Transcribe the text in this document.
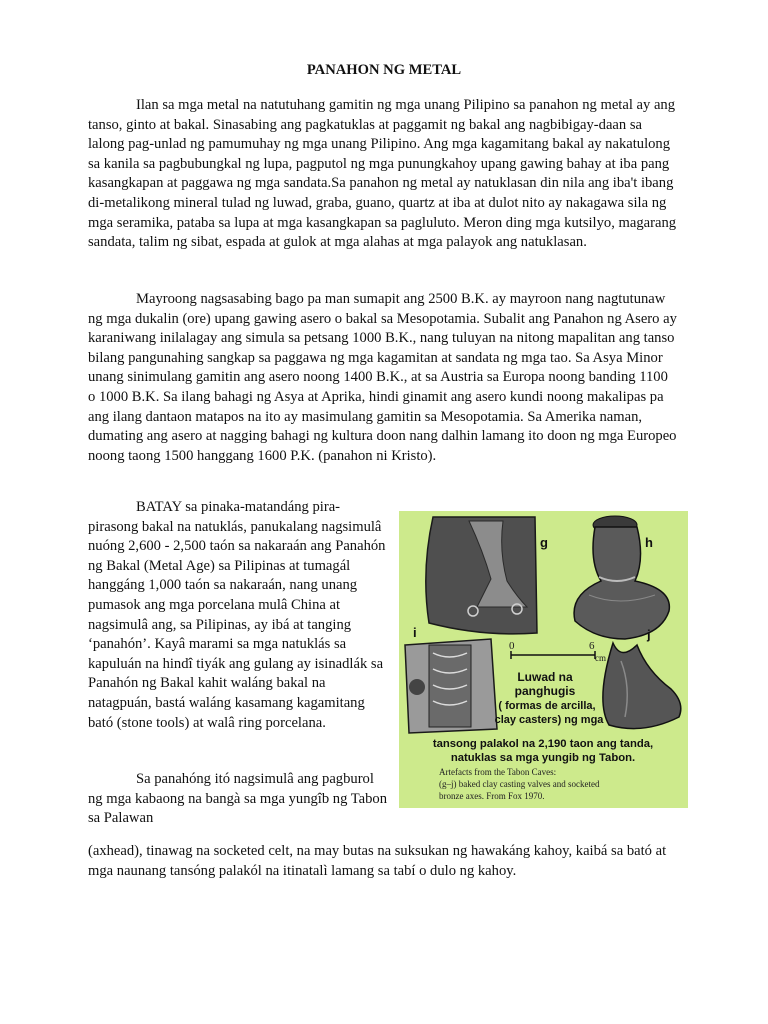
PANAHON NG METAL

Ilan sa mga metal na natutuhang gamitin ng mga unang Pilipino sa panahon ng metal ay ang tanso, ginto at bakal. Sinasabing ang pagkatuklas at paggamit ng bakal ang nagbibigay-daan sa lalong pag-unlad ng pamumuhay ng mga unang Pilipino. Ang mga kagamitang bakal ay nakatulong sa kanila sa pagbubungkal ng lupa, pagputol ng mga punungkahoy upang gawing bahay at iba pang kasangkapan at paggawa ng mga sandata.Sa panahon ng metal ay natuklasan din nila ang iba't ibang di-metalikong mineral tulad ng luwad, graba, guano, quartz at iba at dulot nito ay nakagawa sila ng mga seramika, pataba sa lupa at mga kasangkapan sa pagluluto. Meron ding mga kutsilyo, magarang sandata, talim ng sibat, espada at gulok at mga alahas at mga palayok ang natuklasan.

Mayroong nagsasabing bago pa man sumapit ang 2500 B.K. ay mayroon nang nagtutunaw ng mga dukalin (ore) upang gawing asero o bakal sa Mesopotamia. Subalit ang Panahon ng Asero ay karaniwang inilalagay ang simula sa petsang 1000 B.K., nang tuluyan na nitong mapalitan ang tanso bilang pangunahing sangkap sa paggawa ng mga kagamitan at sandata ng mga tao. Sa Asya Minor unang sinimulang gamitin ang asero noong 1400 B.K., at sa Austria sa Europa noong banding 1100 o 1000 B.K. Sa ilang bahagi ng Asya at Aprika, hindi ginamit ang asero kundi noong makalipas pa ang ilang dantaon matapos na ito ay masimulang gamitin sa Mesopotamia. Sa Amerika naman, dumating ang asero at nagging bahagi ng kultura doon nang dalhin lamang ito doon ng mga Europeo noong taong 1500 hanggang 1600 P.K. (panahon ni Kristo).

BATAY sa pinaka-matandáng pira-pirasong bakal na natuklás, panukalang nagsimulâ nuóng 2,600 - 2,500 taón sa nakaraán ang Panahón ng Bakal (Metal Age) sa Pilipinas at tumagál hanggáng 1,000 taón sa nakaraán, nang unang pumasok ang mga porcelana mulâ China at nagsimulâ ang, sa Pilipinas, ay ibá at tanging ‘panahón’. Kayâ marami sa mga natuklás sa kapuluán na hindî tiyák ang gulang ay isinadlák sa Panahón ng Bakal kahit waláng bakal na natagpuán, bastá waláng kasamang kagamitang bató (stone tools) at walâ ring porcelana.

Sa panahóng itó nagsimulâ ang pagburol ng mga kabaong na bangà sa mga yungîb ng Tabon sa Palawan

g	h
i	j
0	6
cm
Luwad na
panghugis
( formas de arcilla,
clay casters) ng mga
tansong palakol na 2,190 taon ang tanda,
natuklas sa mga yungib ng Tabon.
Artefacts from the Tabon Caves:
(g–j) baked clay casting valves and socketed
bronze axes. From Fox 1970.

(axhead), tinawag na socketed celt, na may butas na suksukan ng hawakáng kahoy, kaibá sa bató at mga naunang tansóng palakól na itinatalì lamang sa tabí o dulo ng kahoy.
